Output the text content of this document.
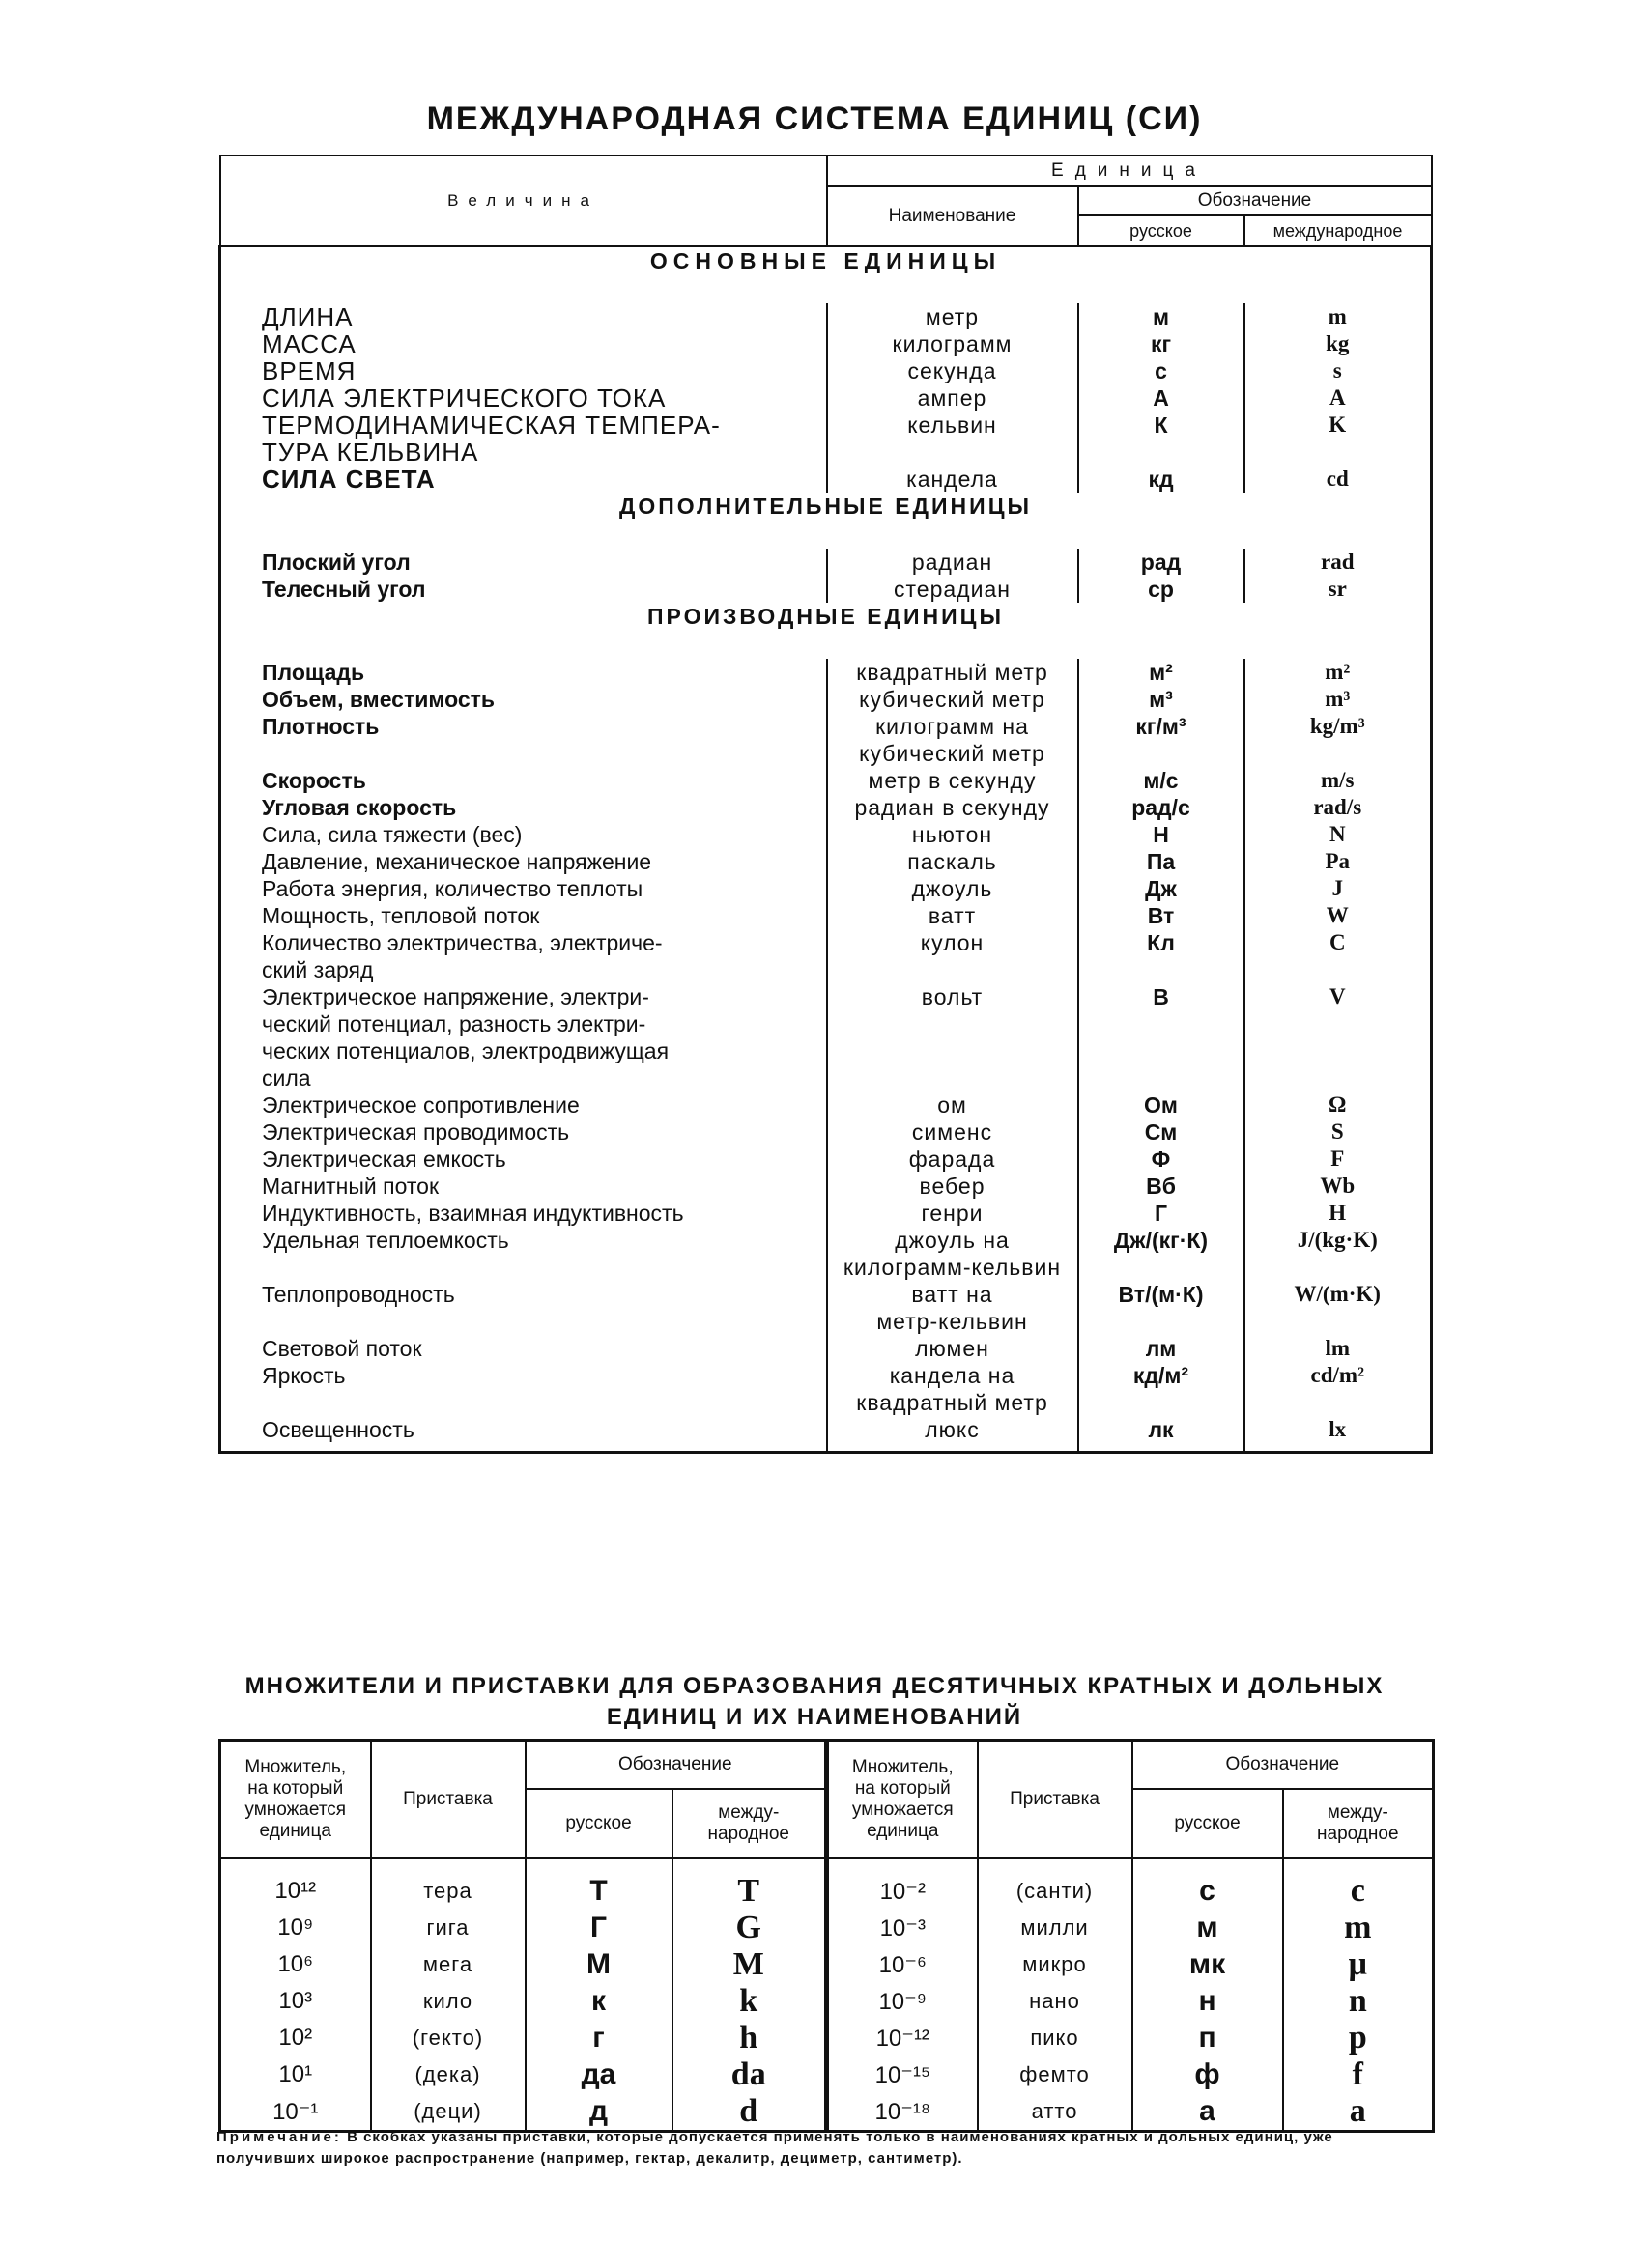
МЕЖДУНАРОДНАЯ СИСТЕМА ЕДИНИЦ (СИ)
Величина	Единица		
	Наименование	Обозначение	
		русское	международное
ОСНОВНЫЕ ЕДИНИЦЫ			
ДЛИНА	метр	м	m
МАССА	килограмм	кг	kg
ВРЕМЯ	секунда	с	s
СИЛА ЭЛЕКТРИЧЕСКОГО ТОКА	ампер	А	A
ТЕРМОДИНАМИЧЕСКАЯ ТЕМПЕРА-
ТУРА КЕЛЬВИНА	кельвин	К	K
СИЛА СВЕТА	кандела	кд	cd
ДОПОЛНИТЕЛЬНЫЕ ЕДИНИЦЫ			
Плоский угол	радиан	рад	rad
Телесный угол	стерадиан	ср	sr
ПРОИЗВОДНЫЕ ЕДИНИЦЫ			
Площадь	квадратный метр	м²	m²
Объем, вместимость	кубический метр	м³	m³
Плотность	килограмм на
кубический метр	кг/м³	kg/m³
Скорость	метр в секунду	м/с	m/s
Угловая скорость	радиан в секунду	рад/с	rad/s
Сила, сила тяжести (вес)	ньютон	Н	N
Давление, механическое напряжение	паскаль	Па	Pa
Работа энергия, количество теплоты	джоуль	Дж	J
Мощность, тепловой поток	ватт	Вт	W
Количество электричества, электриче-
ский заряд	кулон	Кл	C
Электрическое напряжение, электри-
ческий потенциал, разность электри-
ческих потенциалов, электродвижущая
сила	вольт	В	V
Электрическое сопротивление	ом	Ом	Ω
Электрическая проводимость	сименс	См	S
Электрическая емкость	фарада	Ф	F
Магнитный поток	вебер	Вб	Wb
Индуктивность, взаимная индуктивность	генри	Г	H
Удельная теплоемкость	джоуль на
килограмм-кельвин	Дж/(кг·К)	J/(kg·K)
Теплопроводность	ватт на
метр-кельвин	Вт/(м·К)	W/(m·K)
Световой поток	люмен	лм	lm
Яркость	кандела на
квадратный метр	кд/м²	cd/m²
Освещенность	люкс	лк	lx

МНОЖИТЕЛИ И ПРИСТАВКИ ДЛЯ ОБРАЗОВАНИЯ ДЕСЯТИЧНЫХ КРАТНЫХ И ДОЛЬНЫХ
ЕДИНИЦ И ИХ НАИМЕНОВАНИЙ
Множитель,
на который
умножается
единица	Приставка	Обозначение		Множитель,
на который
умножается
единица	Приставка	Обозначение	
		русское	между-
народное			русское	между-
народное
10¹²	тера	Т	T	10⁻²	(санти)	с	c
10⁹	гига	Г	G	10⁻³	милли	м	m
10⁶	мега	М	M	10⁻⁶	микро	мк	μ
10³	кило	к	k	10⁻⁹	нано	н	n
10²	(гекто)	г	h	10⁻¹²	пико	п	p
10¹	(дека)	да	da	10⁻¹⁵	фемто	ф	f
10⁻¹	(деци)	д	d	10⁻¹⁸	атто	а	a
Примечание: В скобках указаны приставки, которые допускается применять только в наименованиях кратных и дольных единиц, уже получивших широкое распространение (например, гектар, декалитр, дециметр, сантиметр).
